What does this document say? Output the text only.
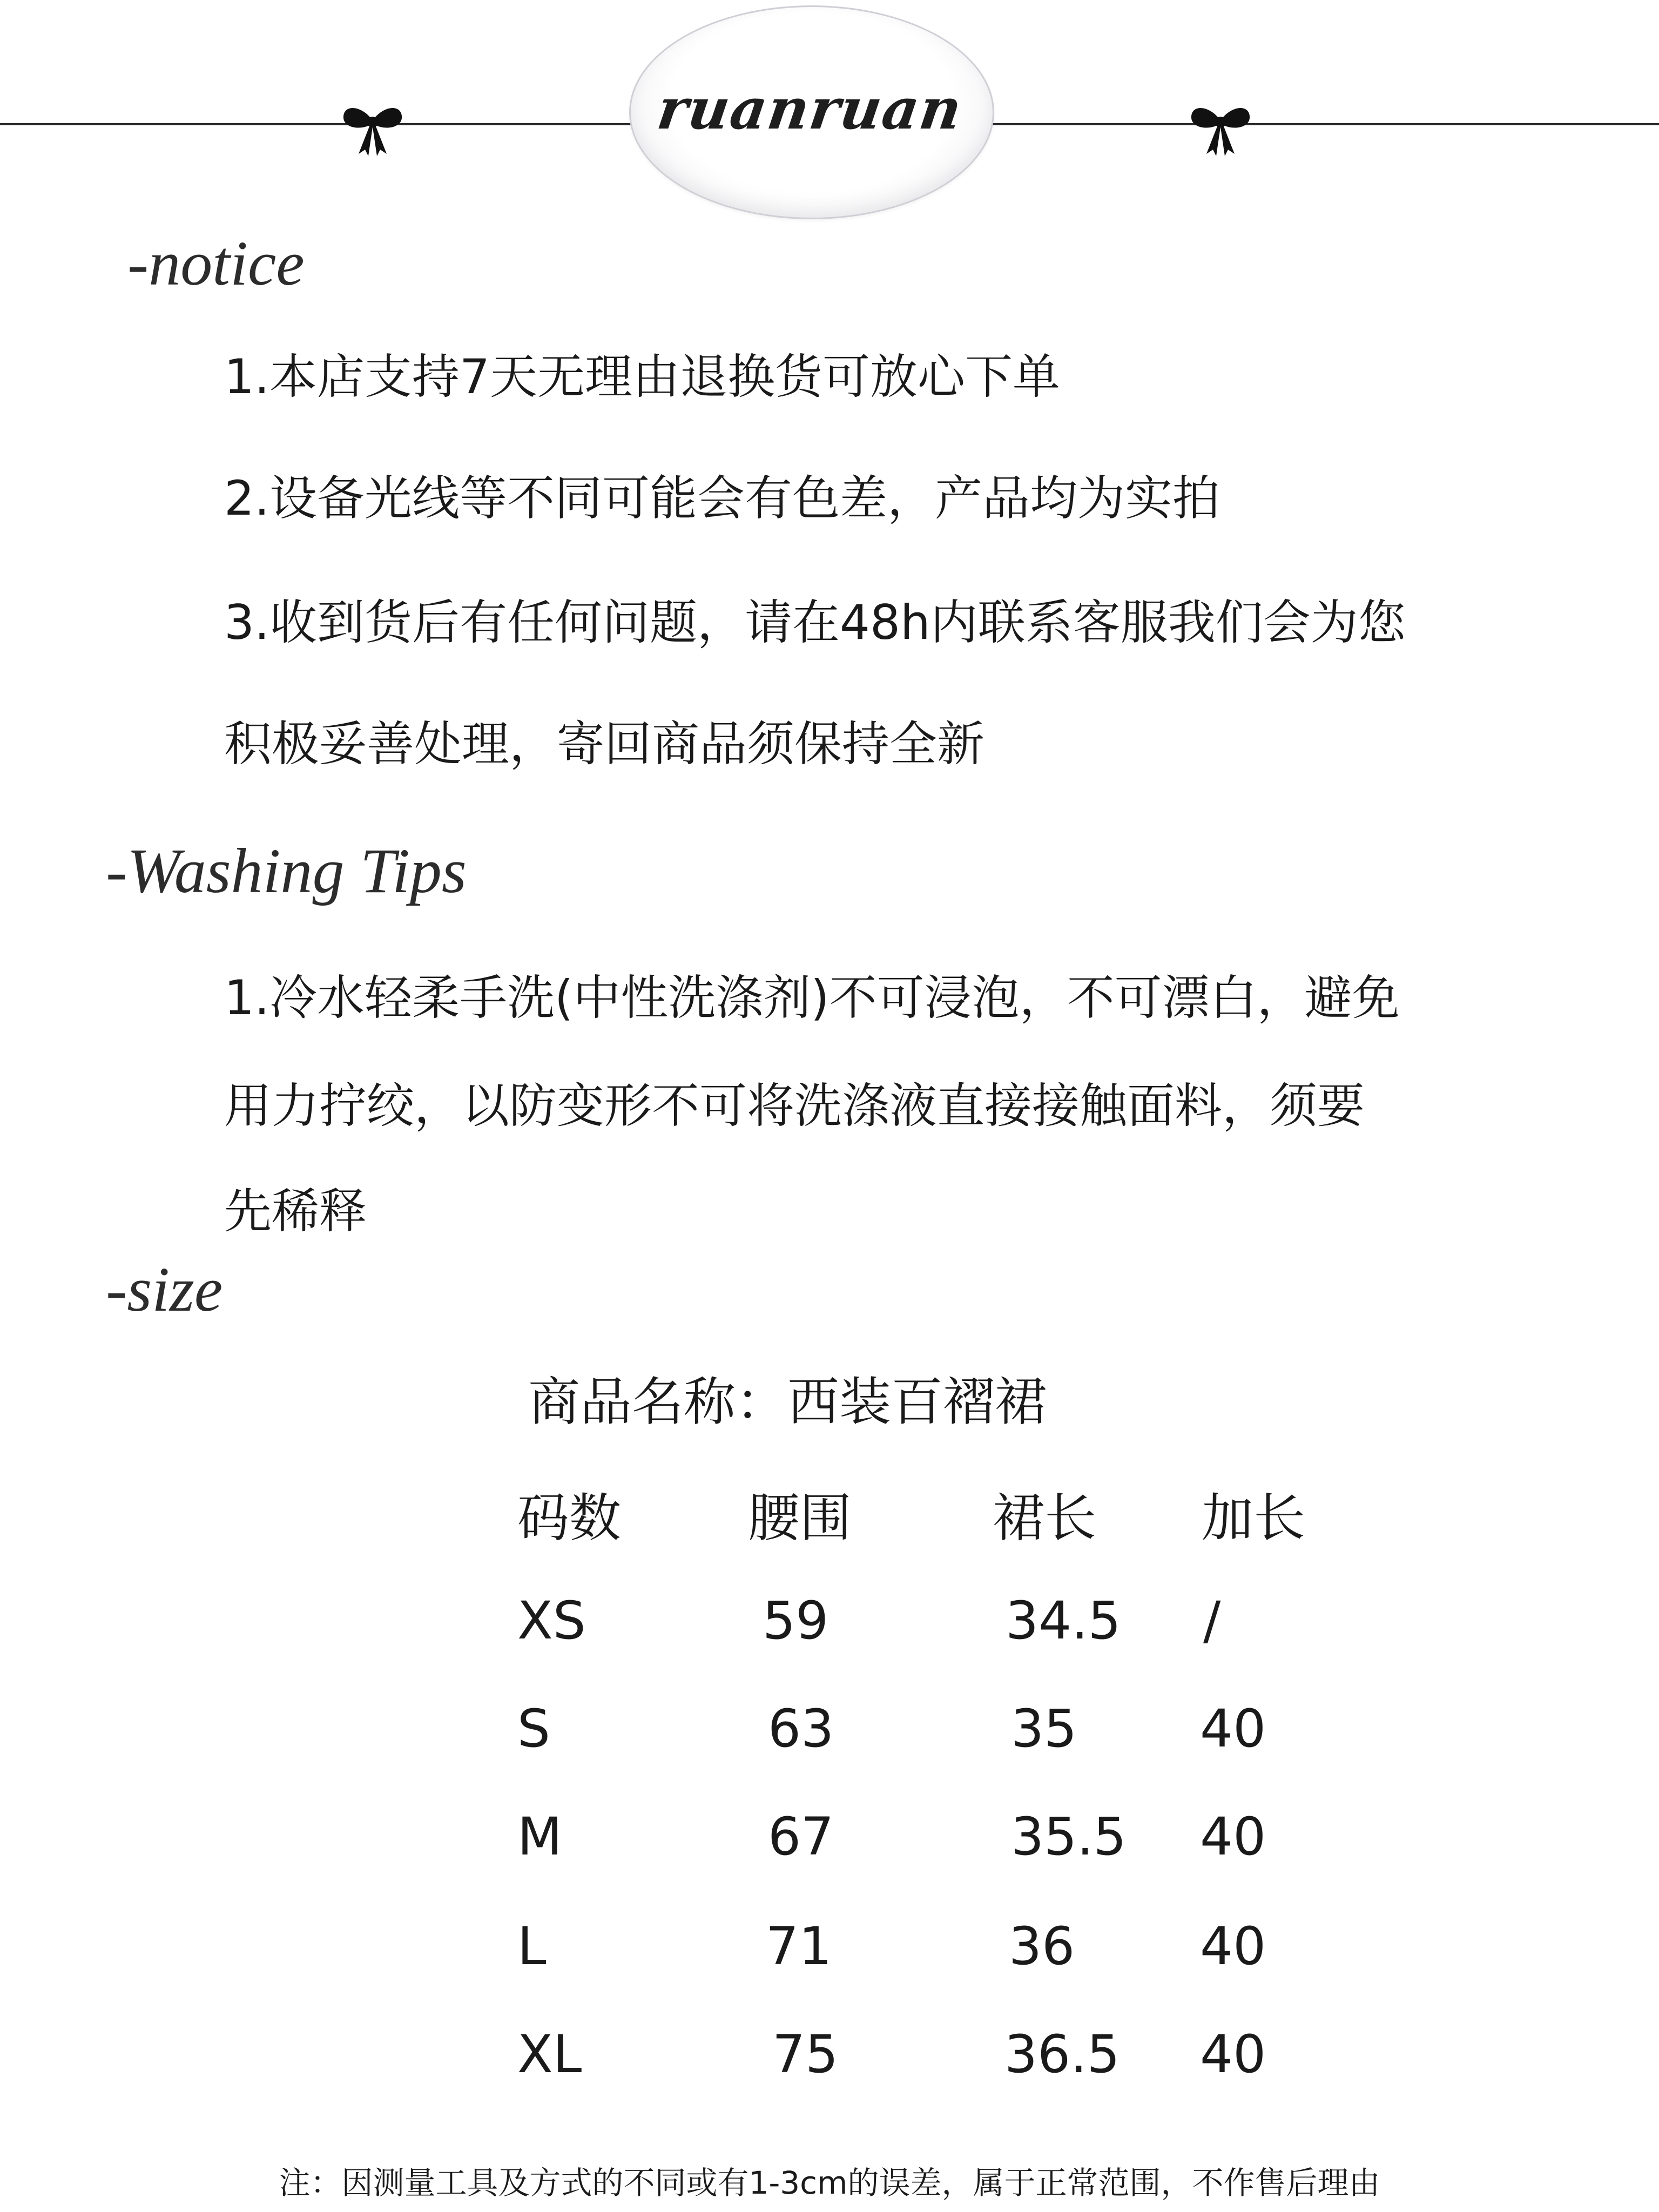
ruanruan
-notice
1.本店支持7天无理由退换货可放心下单
2.设备光线等不同可能会有色差，产品均为实拍
3.收到货后有任何问题，请在48h内联系客服我们会为您
积极妥善处理，寄回商品须保持全新
-Washing Tips
1.冷水轻柔手洗(中性洗涤剂)不可浸泡，不可漂白，避免
用力拧绞，以防变形不可将洗涤液直接接触面料，须要
先稀释
-size
商品名称：西装百褶裙
码数 腰围	裙长 加长
XS	59	34.5 /
S	63	35 40
M	67	35.5 40
L	71	36 40
XL	75	36.5 40
注：因测量工具及方式的不同或有1-3cm的误差，属于正常范围，不作售后理由
